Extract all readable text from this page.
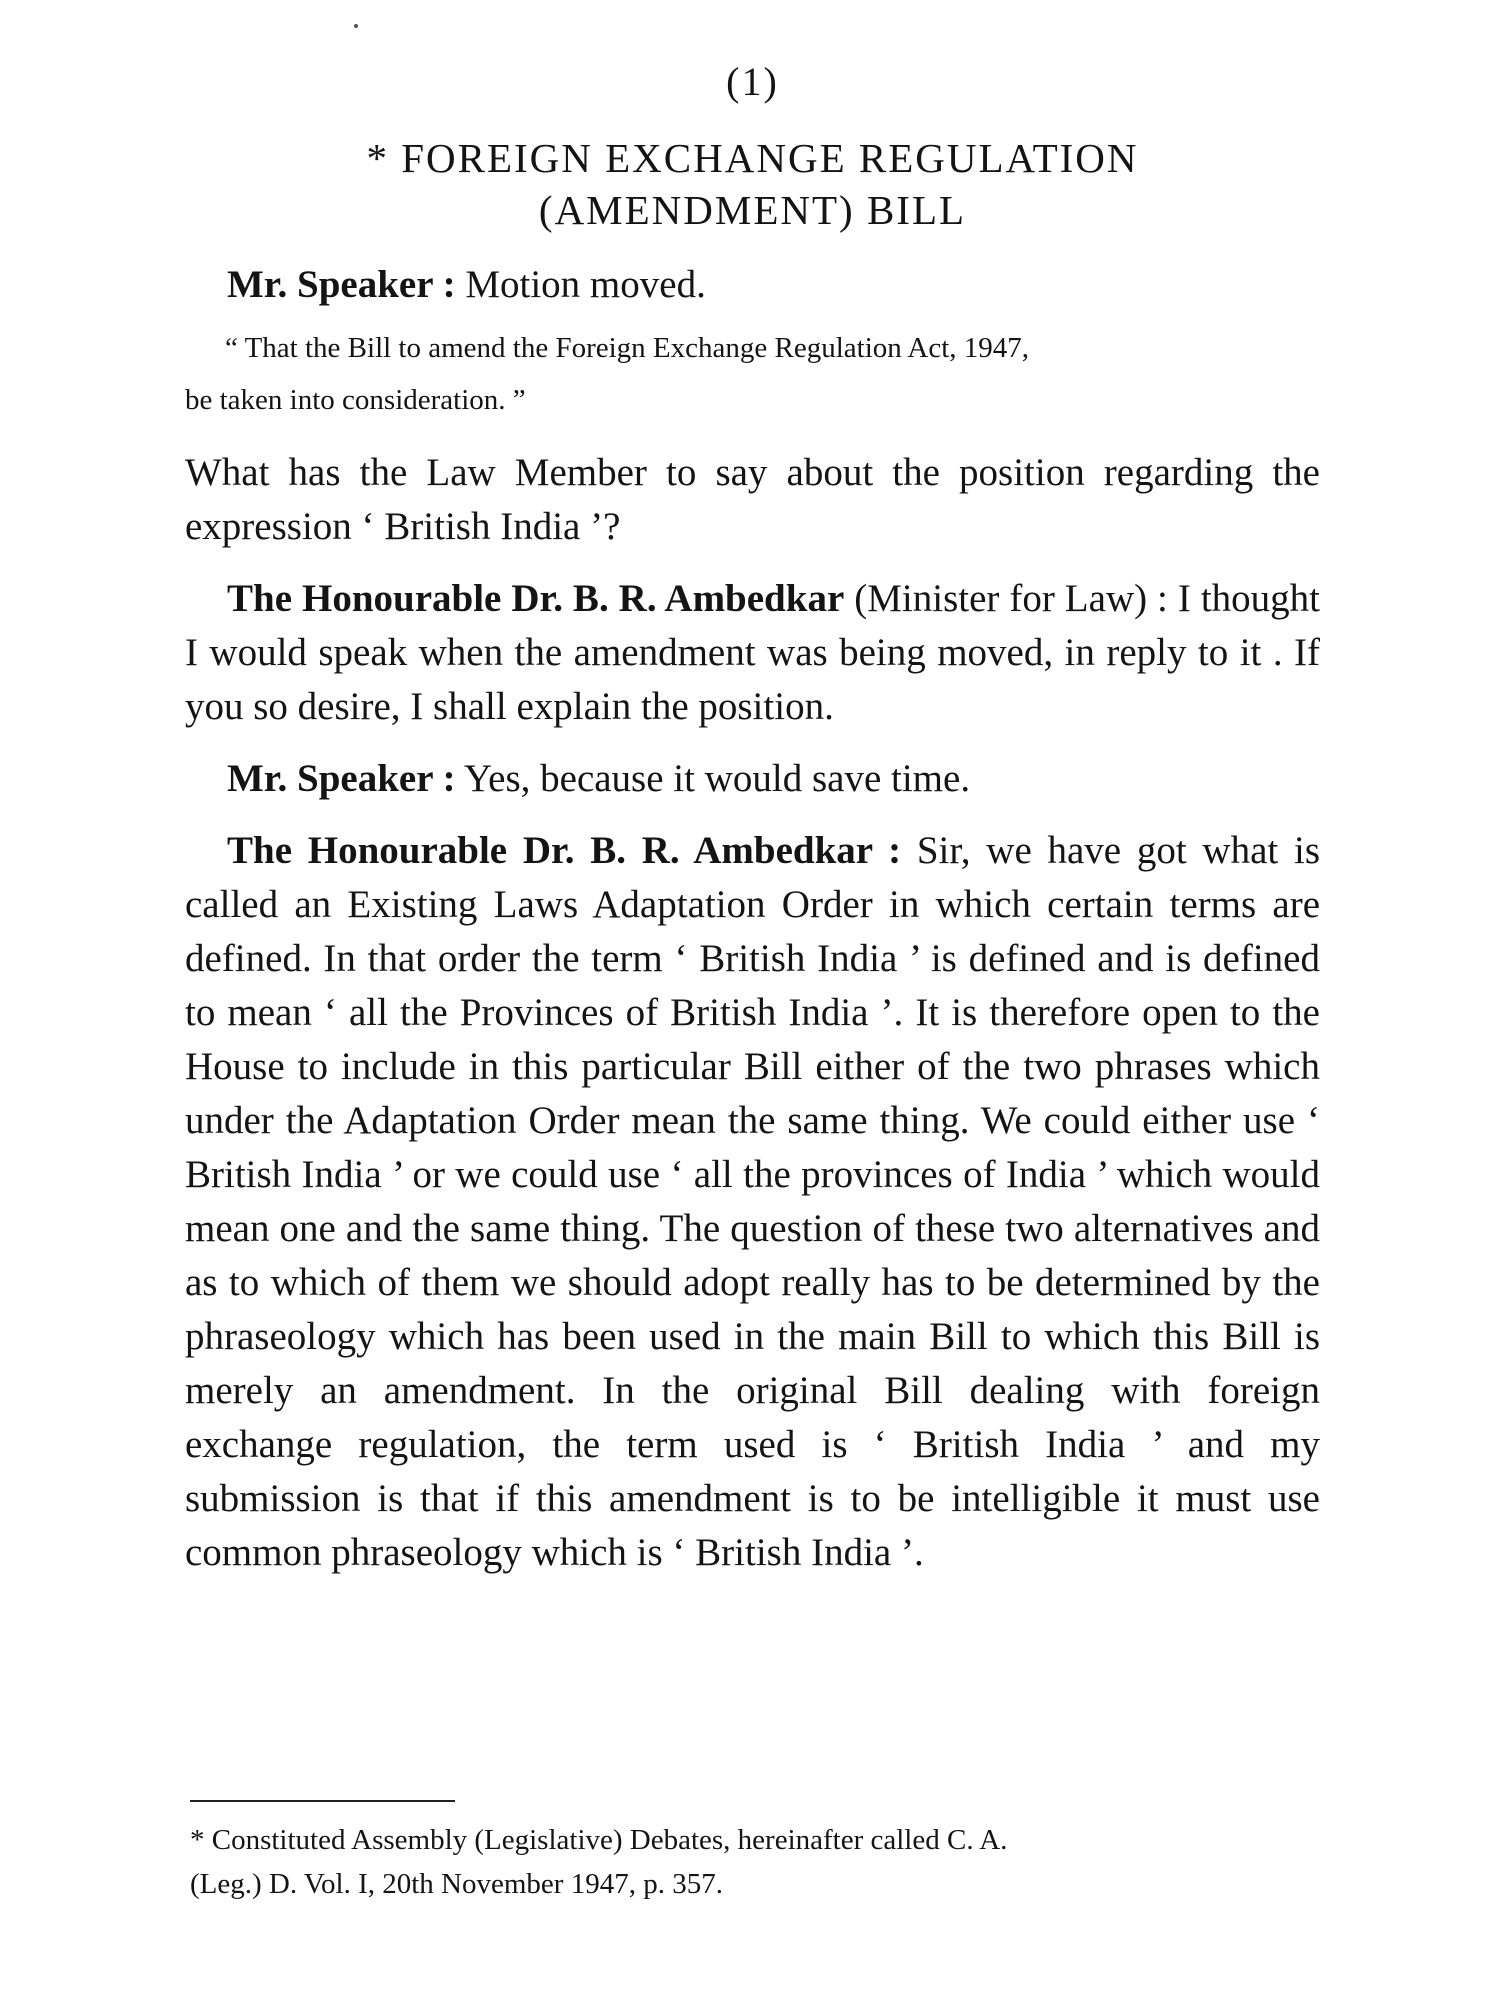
(1)
* FOREIGN EXCHANGE REGULATION
(AMENDMENT) BILL

Mr. Speaker : Motion moved.

“ That the Bill to amend the Foreign Exchange Regulation Act, 1947,
be taken into consideration. ”

What has the Law Member to say about the position regarding the expression ‘ British India ’?

The Honourable Dr. B. R. Ambedkar (Minister for Law) : I thought I would speak when the amendment was being moved, in reply to it . If you so desire, I shall explain the position.

Mr. Speaker : Yes, because it would save time.

The Honourable Dr. B. R. Ambedkar : Sir, we have got what is called an Existing Laws Adaptation Order in which certain terms are defined. In that order the term ‘ British India ’ is defined and is defined to mean ‘ all the Provinces of British India ’. It is therefore open to the House to include in this particular Bill either of the two phrases which under the Adaptation Order mean the same thing. We could either use ‘ British India ’ or we could use ‘ all the provinces of India ’ which would mean one and the same thing. The question of these two alternatives and as to which of them we should adopt really has to be determined by the phraseology which has been used in the main Bill to which this Bill is merely an amendment. In the original Bill dealing with foreign exchange regulation, the term used is ‘ British India ’ and my submission is that if this amendment is to be intelligible it must use common phraseology which is ‘ British India ’.

* Constituted Assembly (Legislative) Debates, hereinafter called C. A.
(Leg.) D. Vol. I, 20th November 1947, p. 357.
